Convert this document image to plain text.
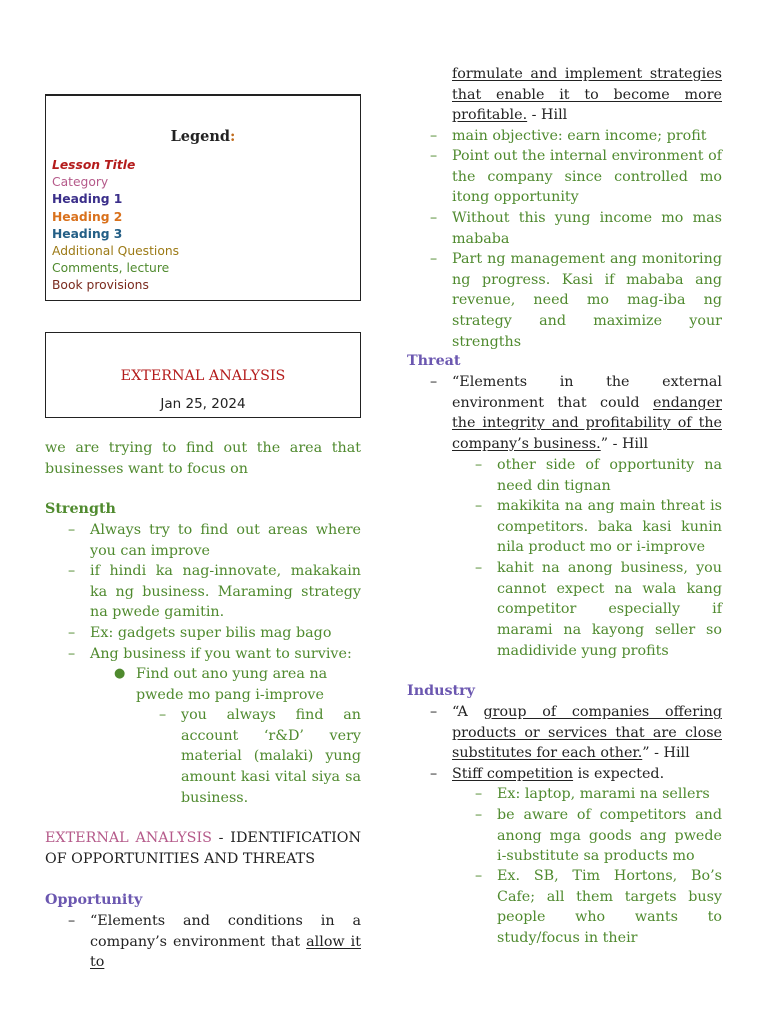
Legend:
Lesson Title
Category
Heading 1
Heading 2
Heading 3
Additional Questions
Comments, lecture
Book provisions
EXTERNAL ANALYSIS
Jan 25, 2024
we are trying to find out the area that businesses want to focus on
Strength
– Always try to find out areas where you can improve
– if hindi ka nag-innovate, makakain ka ng business. Maraming strategy na pwede gamitin.
– Ex: gadgets super bilis mag bago
– Ang business if you want to survive:
● Find out ano yung area na pwede mo pang i-improve
– you always find an account ‘r&D’ very material (malaki) yung amount kasi vital siya sa business.
EXTERNAL ANALYSIS - IDENTIFICATION OF OPPORTUNITIES AND THREATS
Opportunity
– “Elements and conditions in a company’s environment that allow it to
formulate and implement strategies that enable it to become more profitable. - Hill
– main objective: earn income; profit
– Point out the internal environment of the company since controlled mo itong opportunity
– Without this yung income mo mas mababa
– Part ng management ang monitoring ng progress. Kasi if mababa ang revenue, need mo mag-iba ng strategy and maximize your strengths
Threat
– “Elements in the external environment that could endanger the integrity and profitability of the company’s business.” - Hill
– other side of opportunity na need din tignan
– makikita na ang main threat is competitors. baka kasi kunin nila product mo or i-improve
– kahit na anong business, you cannot expect na wala kang competitor especially if marami na kayong seller so madidivide yung profits
Industry
– “A group of companies offering products or services that are close substitutes for each other.” - Hill
– Stiff competition is expected.
– Ex: laptop, marami na sellers
– be aware of competitors and anong mga goods ang pwede i-substitute sa products mo
– Ex. SB, Tim Hortons, Bo’s Cafe; all them targets busy people who wants to study/focus in their
